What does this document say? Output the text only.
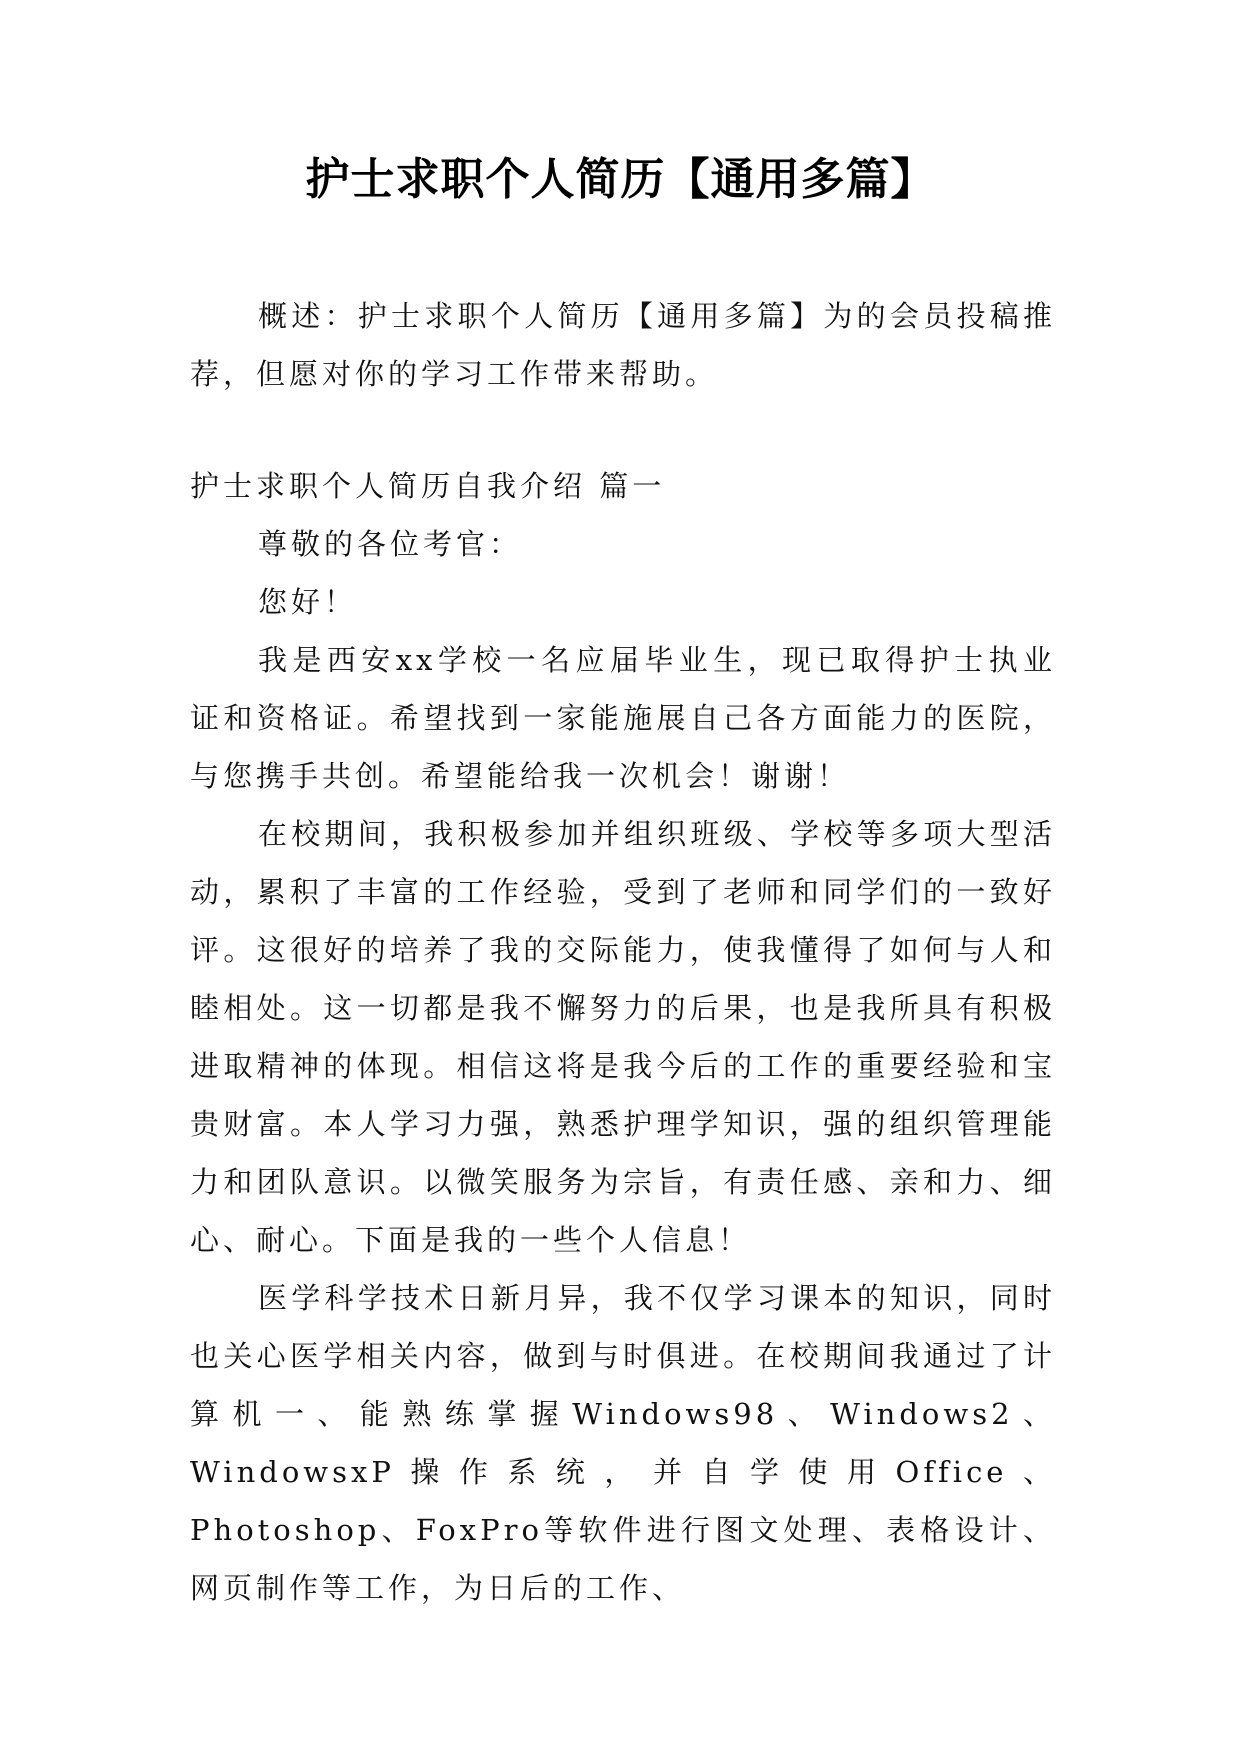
护士求职个人简历【通用多篇】

概述：护士求职个人简历【通用多篇】为的会员投稿推荐，但愿对你的学习工作带来帮助。

护士求职个人简历自我介绍 篇一

尊敬的各位考官：

您好！

我是西安xx学校一名应届毕业生，现已取得护士执业证和资格证。希望找到一家能施展自己各方面能力的医院，与您携手共创。希望能给我一次机会！谢谢！

在校期间，我积极参加并组织班级、学校等多项大型活动，累积了丰富的工作经验，受到了老师和同学们的一致好评。这很好的培养了我的交际能力，使我懂得了如何与人和睦相处。这一切都是我不懈努力的后果，也是我所具有积极进取精神的体现。相信这将是我今后的工作的重要经验和宝贵财富。本人学习力强，熟悉护理学知识，强的组织管理能力和团队意识。以微笑服务为宗旨，有责任感、亲和力、细心、耐心。下面是我的一些个人信息！

医学科学技术日新月异，我不仅学习课本的知识，同时也关心医学相关内容，做到与时俱进。在校期间我通过了计算机一、能熟练掌握Windows98、Windows2、WindowsxP操作系统，并自学使用Office、Photoshop、FoxPro等软件进行图文处理、表格设计、网页制作等工作，为日后的工作、
